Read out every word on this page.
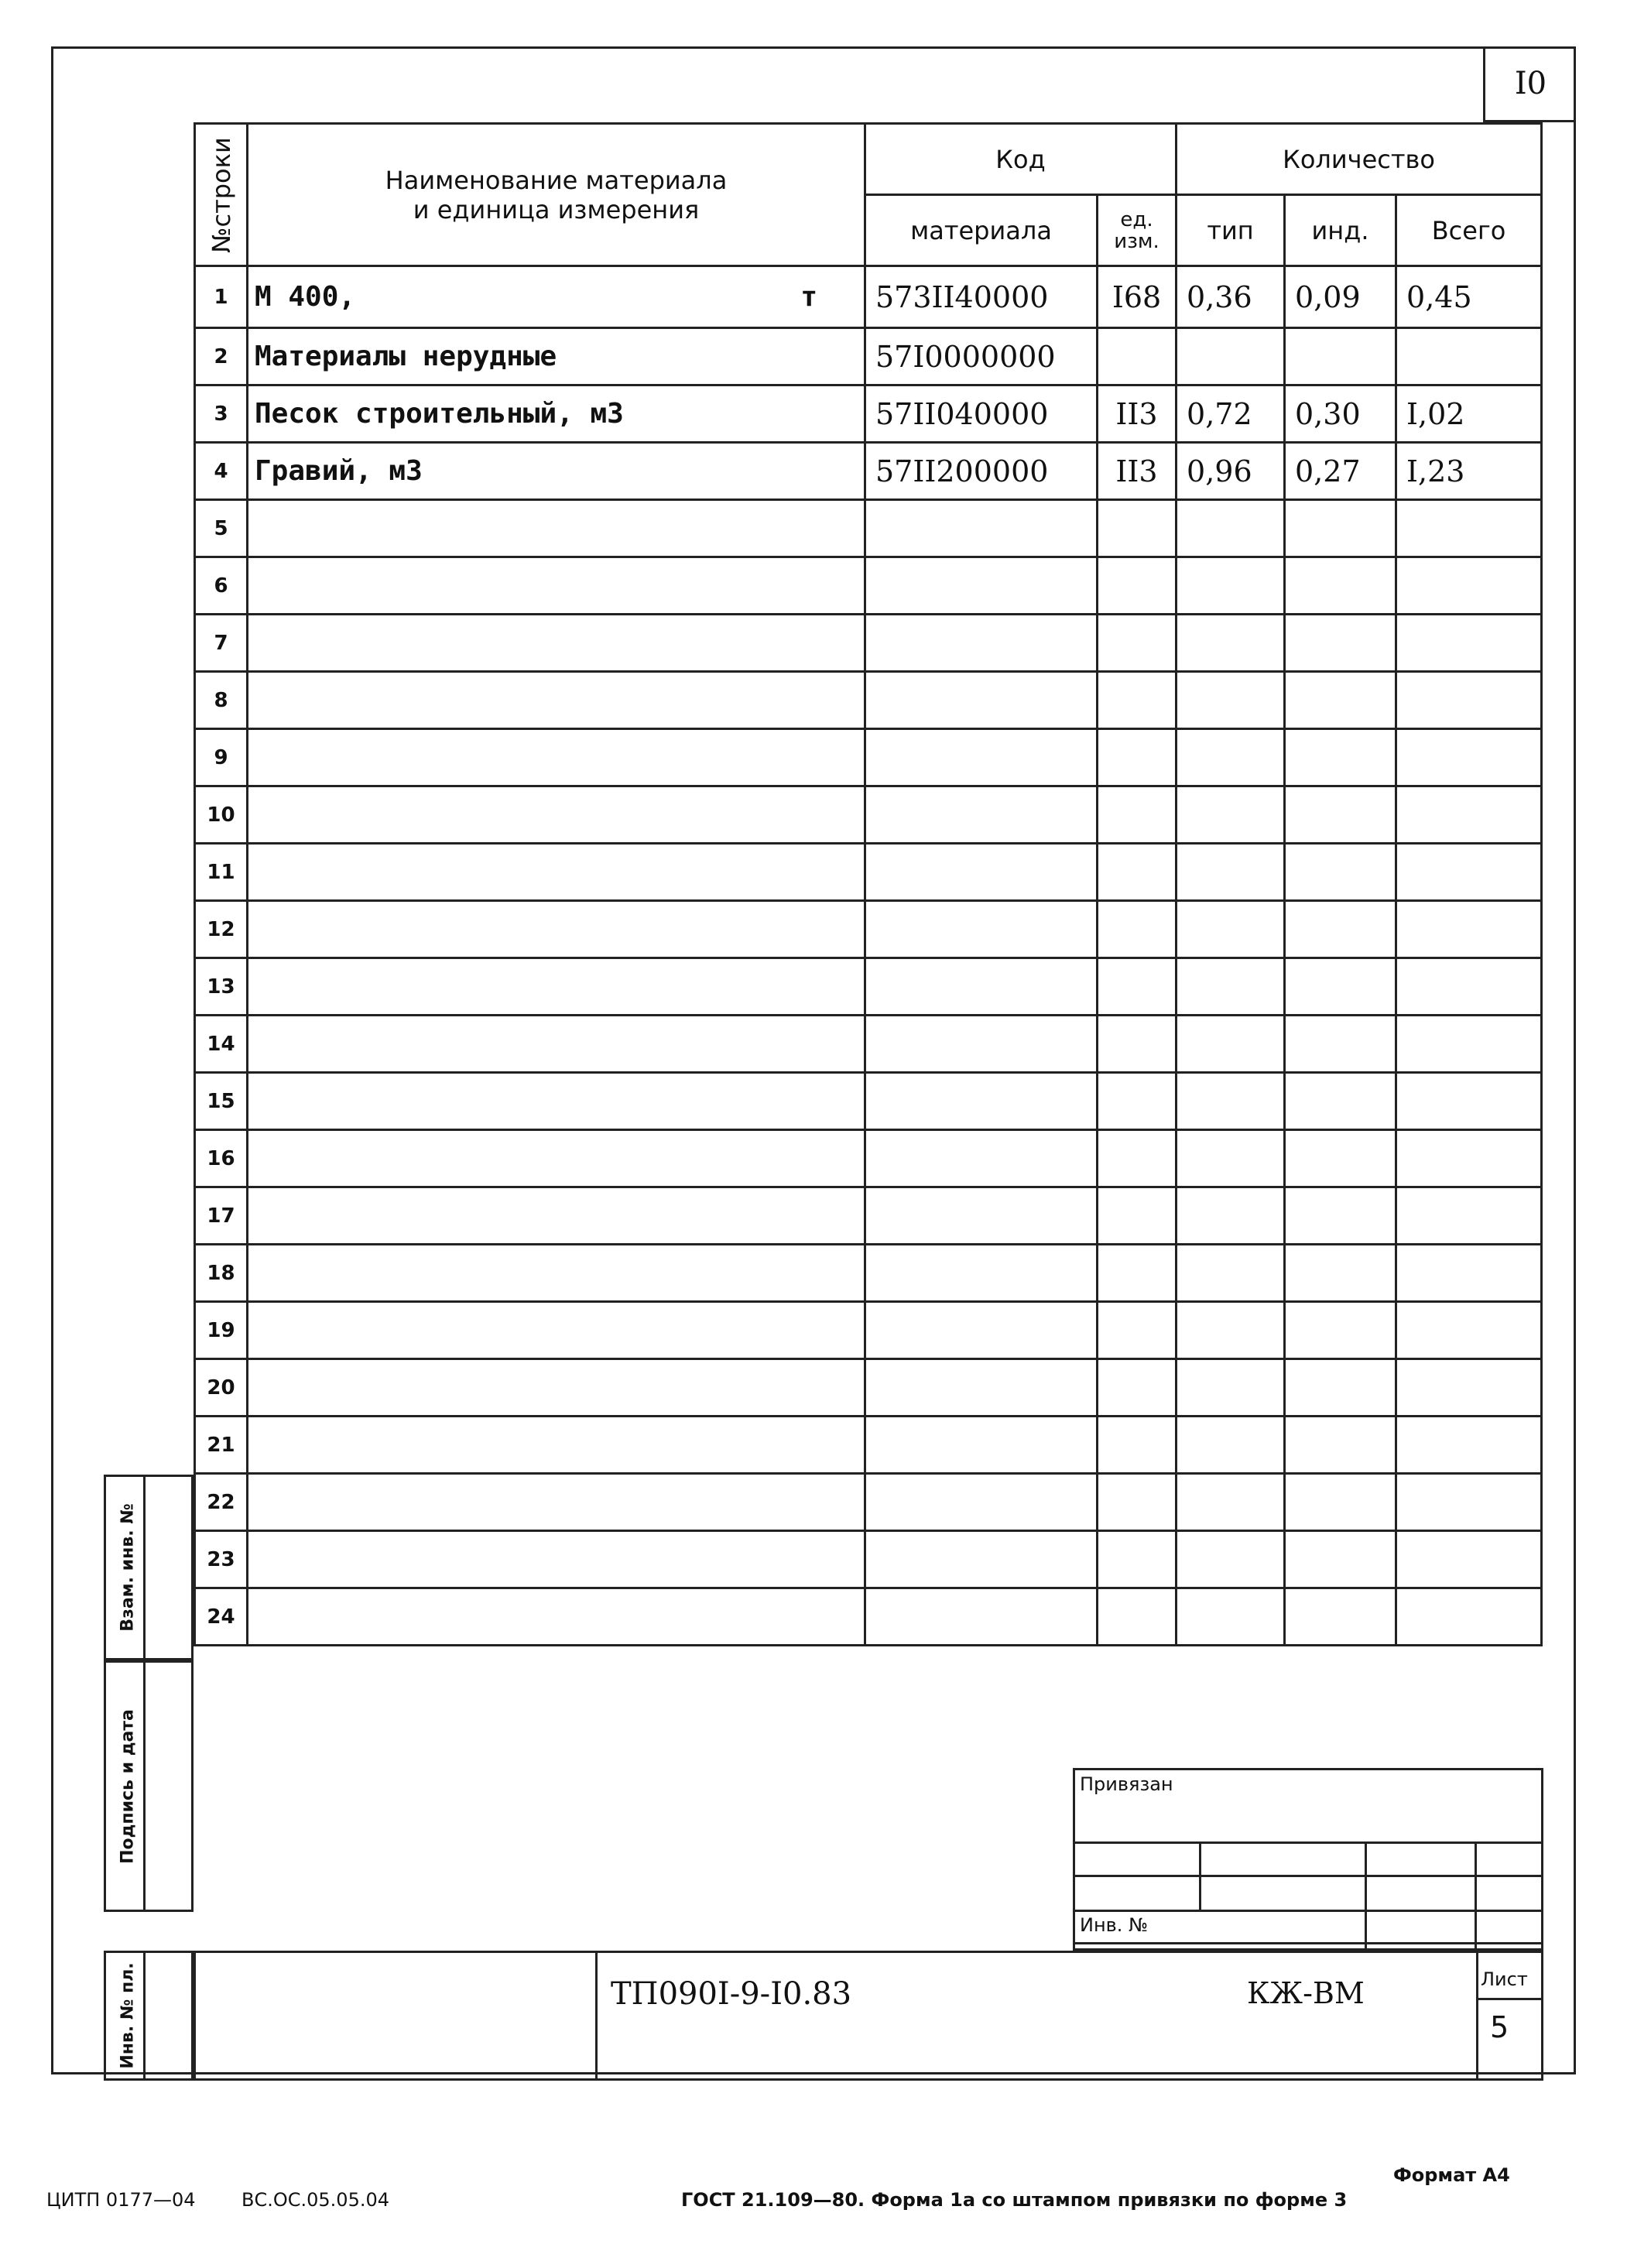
I0
№строки	Наименование материала
и единица измерения	Код		Количество		
		материала	ед. изм.	тип	инд.	Всего
1	М 400, т	573II40000	I68	0,36	0,09	0,45
2	Материалы нерудные	57I0000000				
3	Песок строительный, м3	57II040000	II3	0,72	0,30	I,02
4	Гравий, м3	57II200000	II3	0,96	0,27	I,23
5						
6						
7						
8						
9						
10						
11						
12						
13						
14						
15						
16						
17						
18						
19						
20						
21						
22						
23						
24						
Взам. инв. №
Подпись и дата
Инв. № пл.
Привязан
Инв. №
ТП090I-9-I0.83	КЖ-ВМ	Лист
5
ЦИТП 0177—04 ВС.ОС.05.05.04	ГОСТ 21.109—80. Форма 1а со штампом привязки по форме 3
Формат А4
